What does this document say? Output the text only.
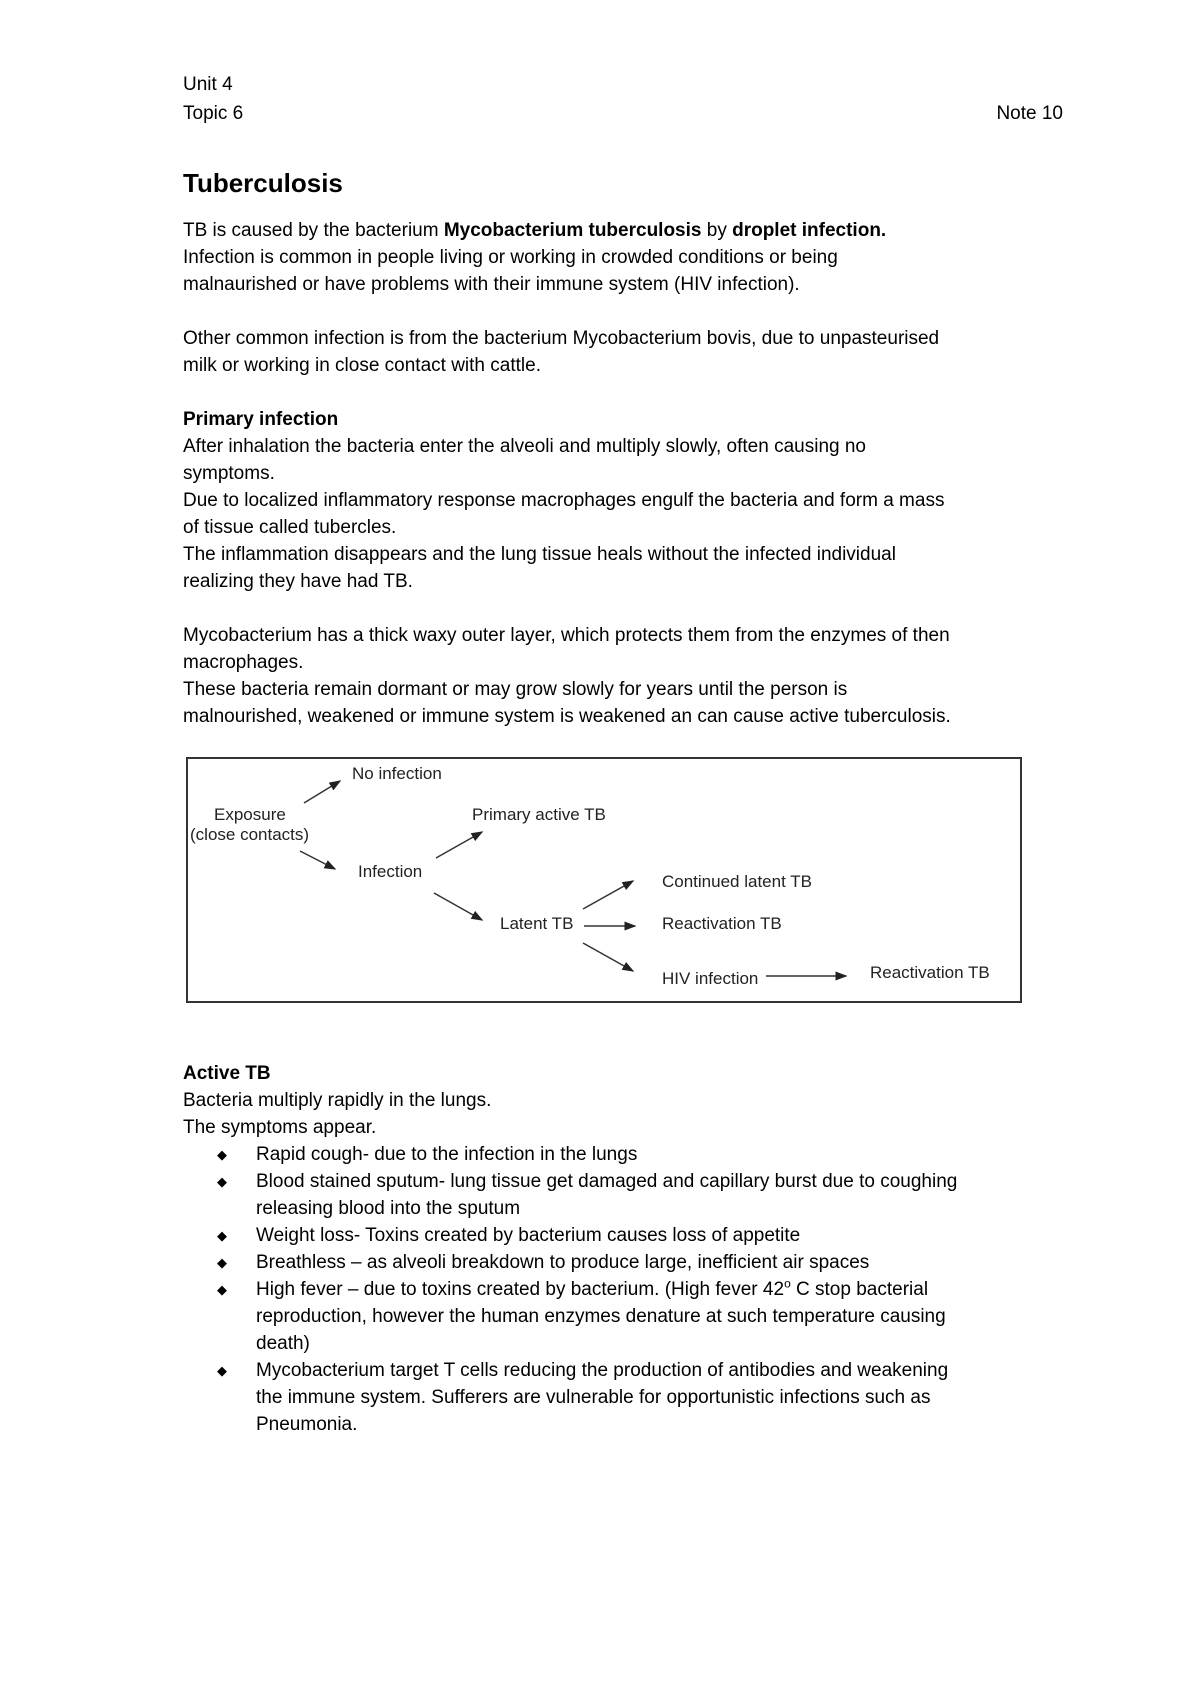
Unit 4
Topic 6	Note 10
Tuberculosis

TB is caused by the bacterium Mycobacterium tuberculosis by droplet infection.

Infection is common in people living or working in crowded conditions or being

malnaurished or have problems with their immune system (HIV infection).

Other common infection is from the bacterium Mycobacterium bovis, due to unpasteurised

milk or working in close contact with cattle.

Primary infection

After inhalation the bacteria enter the alveoli and multiply slowly, often causing no

symptoms.

Due to localized inflammatory response macrophages engulf the bacteria and form a mass

of tissue called tubercles.

The inflammation disappears and the lung tissue heals without the infected individual

realizing they have had TB.

Mycobacterium has a thick waxy outer layer, which protects them from the enzymes of then

macrophages.

These bacteria remain dormant or may grow slowly for years until the person is

malnourished, weakened or immune system is weakened an can cause active tuberculosis.

No infection
Exposure
(close contacts)
Primary active TB
Infection
Latent TB
Continued latent TB
Reactivation TB
HIV infection	Reactivation TB

Active TB

Bacteria multiply rapidly in the lungs.

The symptoms appear.

◆ Rapid cough- due to the infection in the lungs
◆ Blood stained sputum- lung tissue get damaged and capillary burst due to coughing
releasing blood into the sputum
◆ Weight loss- Toxins created by bacterium causes loss of appetite
◆ Breathless – as alveoli breakdown to produce large, inefficient air spaces
◆ High fever – due to toxins created by bacterium. (High fever 42$^o$ C stop bacterial
reproduction, however the human enzymes denature at such temperature causing
death)
◆ Mycobacterium target T cells reducing the production of antibodies and weakening
the immune system. Sufferers are vulnerable for opportunistic infections such as
Pneumonia.
